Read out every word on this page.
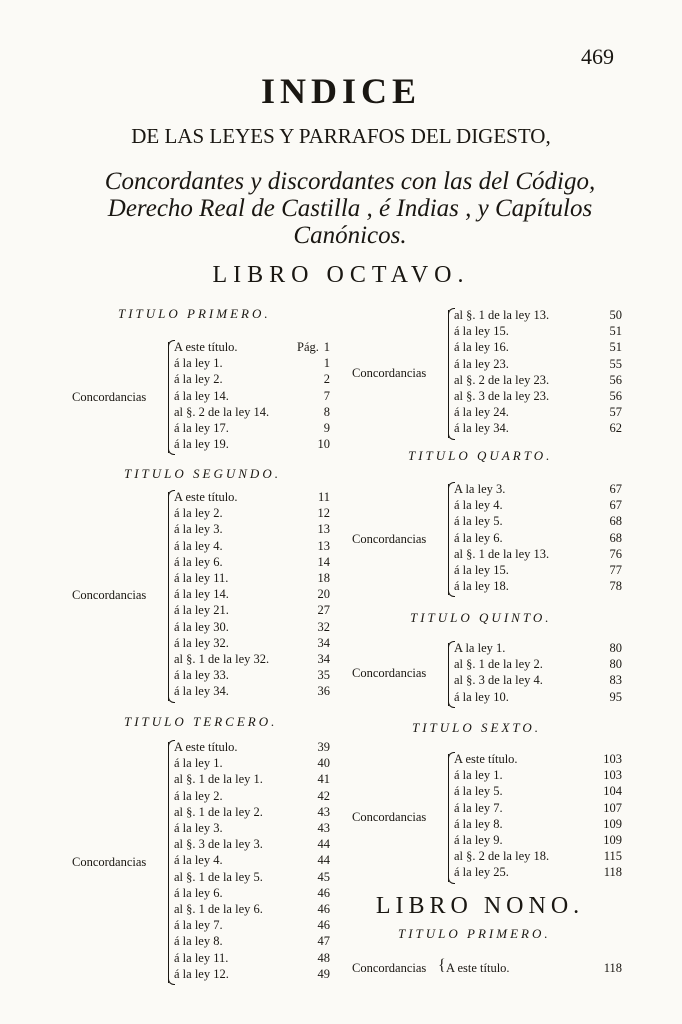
469
INDICE
DE LAS LEYES Y PARRAFOS DEL DIGESTO,
Concordantes y discordantes con las del Código, Derecho Real de Castilla , é Indias , y Capítulos Canónicos.
LIBRO OCTAVO.
TITULO PRIMERO.
A este título.	1
á la ley 1.	1
á la ley 2.	2
á la ley 14.	7
al §. 2 de la ley 14.	8
á la ley 17.	9
á la ley 19.	10
Concordancias
Pág.
TITULO SEGUNDO.
A este título.	11
á la ley 2.	12
á la ley 3.	13
á la ley 4.	13
á la ley 6.	14
á la ley 11.	18
á la ley 14.	20
á la ley 21.	27
á la ley 30.	32
á la ley 32.	34
al §. 1 de la ley 32.	34
á la ley 33.	35
á la ley 34.	36
Concordancias
TITULO TERCERO.
A este título.	39
á la ley 1.	40
al §. 1 de la ley 1.	41
á la ley 2.	42
al §. 1 de la ley 2.	43
á la ley 3.	43
al §. 3 de la ley 3.	44
á la ley 4.	44
al §. 1 de la ley 5.	45
á la ley 6.	46
al §. 1 de la ley 6.	46
á la ley 7.	46
á la ley 8.	47
á la ley 11.	48
á la ley 12.	49
Concordancias
al §. 1 de la ley 13.	50
á la ley 15.	51
á la ley 16.	51
á la ley 23.	55
al §. 2 de la ley 23.	56
al §. 3 de la ley 23.	56
á la ley 24.	57
á la ley 34.	62
Concordancias
TITULO QUARTO.
A la ley 3.	67
á la ley 4.	67
á la ley 5.	68
á la ley 6.	68
al §. 1 de la ley 13.	76
á la ley 15.	77
á la ley 18.	78
Concordancias
TITULO QUINTO.
A la ley 1.	80
al §. 1 de la ley 2.	80
al §. 3 de la ley 4.	83
á la ley 10.	95
Concordancias
TITULO SEXTO.
A este título.	103
á la ley 1.	103
á la ley 5.	104
á la ley 7.	107
á la ley 8.	109
á la ley 9.	109
al §. 2 de la ley 18.	115
á la ley 25.	118
Concordancias
LIBRO NONO.
TITULO PRIMERO.
Concordancias A este título.	118
{
